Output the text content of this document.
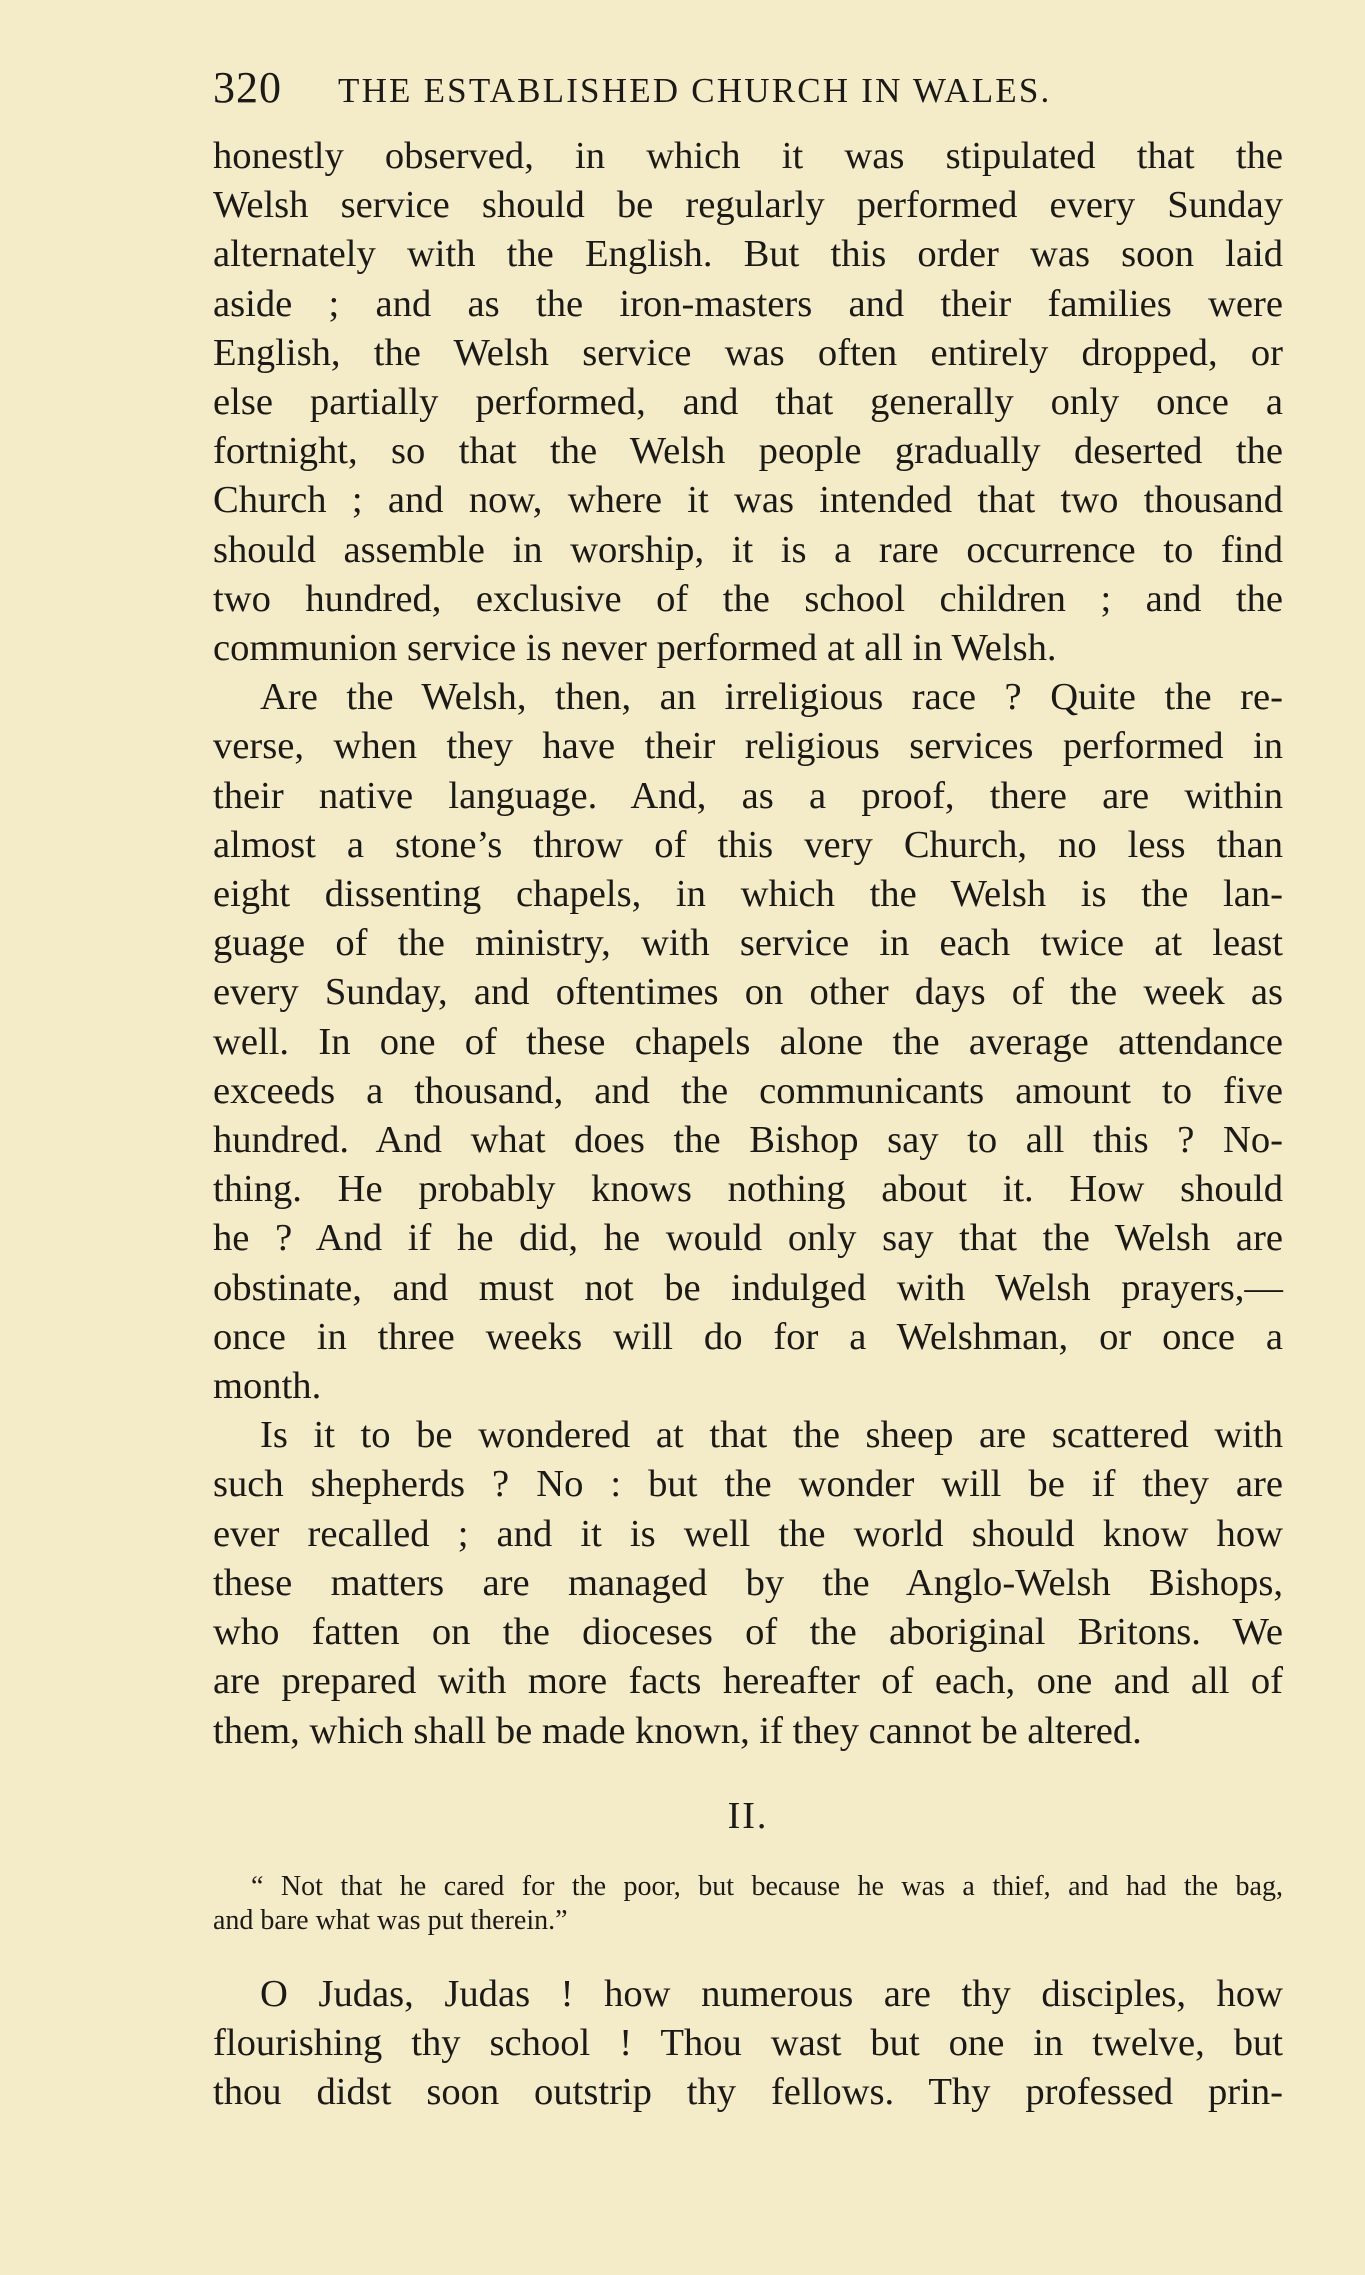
320 THE ESTABLISHED CHURCH IN WALES.

honestly observed, in which it was stipulated that the
Welsh service should be regularly performed every Sunday
alternately with the English. But this order was soon laid
aside ; and as the iron-masters and their families were
English, the Welsh service was often entirely dropped, or
else partially performed, and that generally only once a
fortnight, so that the Welsh people gradually deserted the
Church ; and now, where it was intended that two thousand
should assemble in worship, it is a rare occurrence to find
two hundred, exclusive of the school children ; and the
communion service is never performed at all in Welsh.

Are the Welsh, then, an irreligious race ? Quite the re-
verse, when they have their religious services performed in
their native language. And, as a proof, there are within
almost a stone’s throw of this very Church, no less than
eight dissenting chapels, in which the Welsh is the lan-
guage of the ministry, with service in each twice at least
every Sunday, and oftentimes on other days of the week as
well. In one of these chapels alone the average attendance
exceeds a thousand, and the communicants amount to five
hundred. And what does the Bishop say to all this ? No-
thing. He probably knows nothing about it. How should
he ? And if he did, he would only say that the Welsh are
obstinate, and must not be indulged with Welsh prayers,—
once in three weeks will do for a Welshman, or once a
month.

Is it to be wondered at that the sheep are scattered with
such shepherds ? No : but the wonder will be if they are
ever recalled ; and it is well the world should know how
these matters are managed by the Anglo-Welsh Bishops,
who fatten on the dioceses of the aboriginal Britons. We
are prepared with more facts hereafter of each, one and all of
them, which shall be made known, if they cannot be altered.

II.
“ Not that he cared for the poor, but because he was a thief, and had the bag,
and bare what was put therein.”

O Judas, Judas ! how numerous are thy disciples, how
flourishing thy school ! Thou wast but one in twelve, but
thou didst soon outstrip thy fellows. Thy professed prin-
